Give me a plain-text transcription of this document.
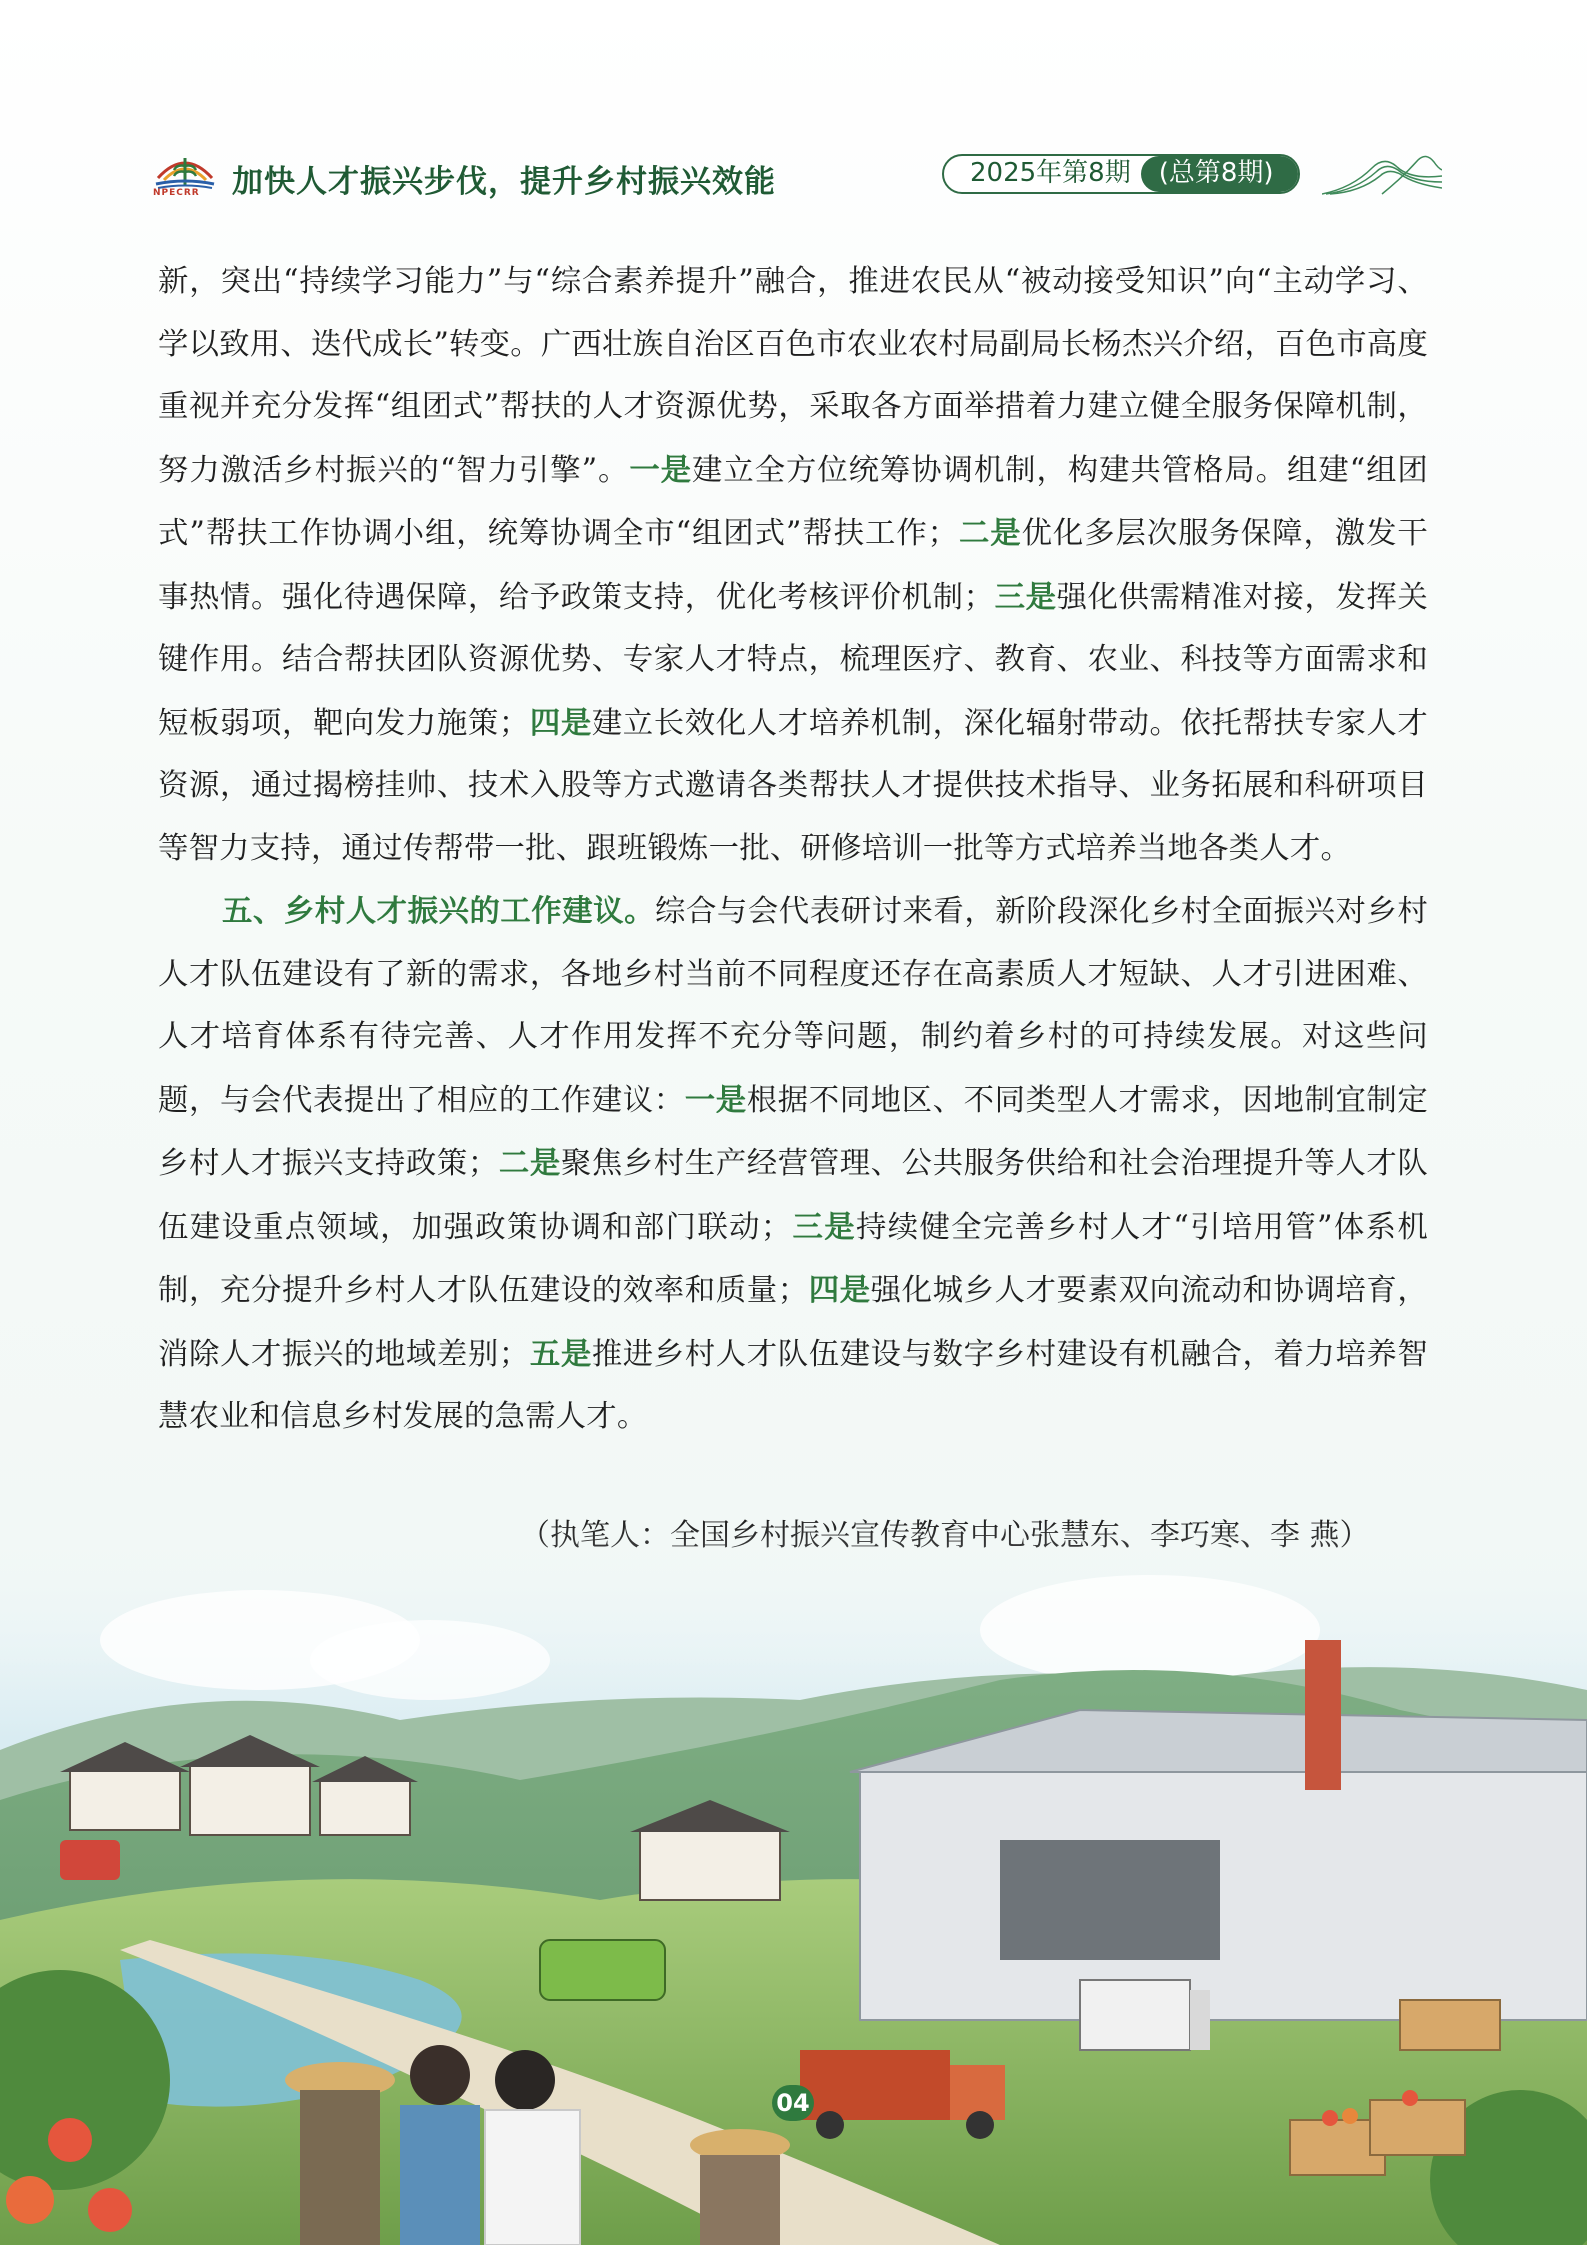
NPECRR 加快人才振兴步伐，提升乡村振兴效能	2025年第8期	(总第8期)

新，突出“持续学习能力”与“综合素养提升”融合，推进农民从“被动接受知识”向“主动学习、学以致用、迭代成长”转变。广西壮族自治区百色市农业农村局副局长杨杰兴介绍，百色市高度重视并充分发挥“组团式”帮扶的人才资源优势，采取各方面举措着力建立健全服务保障机制，努力激活乡村振兴的“智力引擎”。一是建立全方位统筹协调机制，构建共管格局。组建“组团式”帮扶工作协调小组，统筹协调全市“组团式”帮扶工作；二是优化多层次服务保障，激发干事热情。强化待遇保障，给予政策支持，优化考核评价机制；三是强化供需精准对接，发挥关键作用。结合帮扶团队资源优势、专家人才特点，梳理医疗、教育、农业、科技等方面需求和短板弱项，靶向发力施策；四是建立长效化人才培养机制，深化辐射带动。依托帮扶专家人才资源，通过揭榜挂帅、技术入股等方式邀请各类帮扶人才提供技术指导、业务拓展和科研项目等智力支持，通过传帮带一批、跟班锻炼一批、研修培训一批等方式培养当地各类人才。

五、乡村人才振兴的工作建议。综合与会代表研讨来看，新阶段深化乡村全面振兴对乡村人才队伍建设有了新的需求，各地乡村当前不同程度还存在高素质人才短缺、人才引进困难、人才培育体系有待完善、人才作用发挥不充分等问题，制约着乡村的可持续发展。对这些问题，与会代表提出了相应的工作建议：一是根据不同地区、不同类型人才需求，因地制宜制定乡村人才振兴支持政策；二是聚焦乡村生产经营管理、公共服务供给和社会治理提升等人才队伍建设重点领域，加强政策协调和部门联动；三是持续健全完善乡村人才“引培用管”体系机制，充分提升乡村人才队伍建设的效率和质量；四是强化城乡人才要素双向流动和协调培育，消除人才振兴的地域差别；五是推进乡村人才队伍建设与数字乡村建设有机融合，着力培养智慧农业和信息乡村发展的急需人才。

04
